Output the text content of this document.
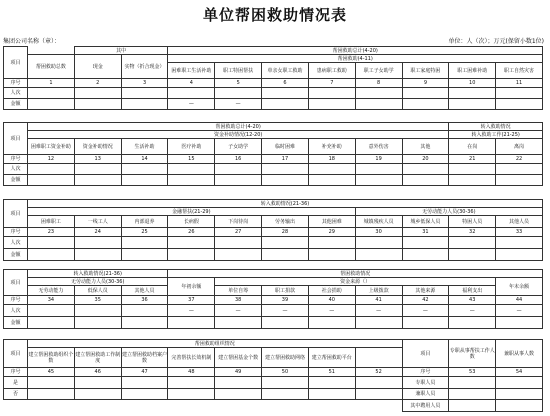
单位帮困救助情况表
集团公司名称（章）：	单位：人（次）；万元(保留小数1位)
项目		其中		帮困救助总计(4-20)							
	帮困救助总数	现金	实物（折合现金）	帮困救助(4-11)							
				困难职工生活补助	职工特困帮扶	单亲女职工救助	患病职工救助	职工子女助学	职工家庭特困	职工困难补助	职工自然灾害
序号	1	2	3	4	5	6	7	8	9	10	11
人次											
金额				—	—						
项目	帮困救助总计(4-20)									转入救助情况	
	资金补助情况(12-20)									转入救助工作(21-25)	
	困难职工资金补助	资金补助情况	生活补助	医疗补助	子女助学	临时困难	补充补助	意外伤害	其他	在岗	离岗
序号	12	13	14	15	16	17	18	19	20	21	22
人次											
金额											
项目	转入救助情况(21-36)										
	金融帮扶(21-29)							无劳动能力人员(30-36)			
	困难职工	一线工人	内部退养	长病假	下岗待岗	劳务输出	其他困难	城镇残疾人员	城乡低保人员	特困人员	其他人员
序号	23	24	25	26	27	28	29	30	31	32	33
人次											
金额											
项目	转入救助情况(21-36)			帮困救助情况							
	无劳动能力人员(30-36)			年初余额	资金来源（）						年末余额
	无劳动能力	低保人员	其他人员		单位自筹	职工捐款	社会捐助	上级拨款	其他来源	福利支出	
序号	34	35	36	37	38	39	40	41	42	43	44
人次				—	—	—	—	—	—	—	—
金额											
项目	帮困救助组织情况								项目	专职从事帮扶工作人数	兼职从事人数
	建立帮困救助组织个数	建立帮困救助工作制度	建立帮困救助档案户数	完善帮扶长效机制	建立帮困基金个数	建立帮困救助网络	建立帮困救助平台				
序号	45	46	47	48	49	50	51	52	序号	53	54
是									专职人员		
否									兼职人员		
									其中聘用人员		
